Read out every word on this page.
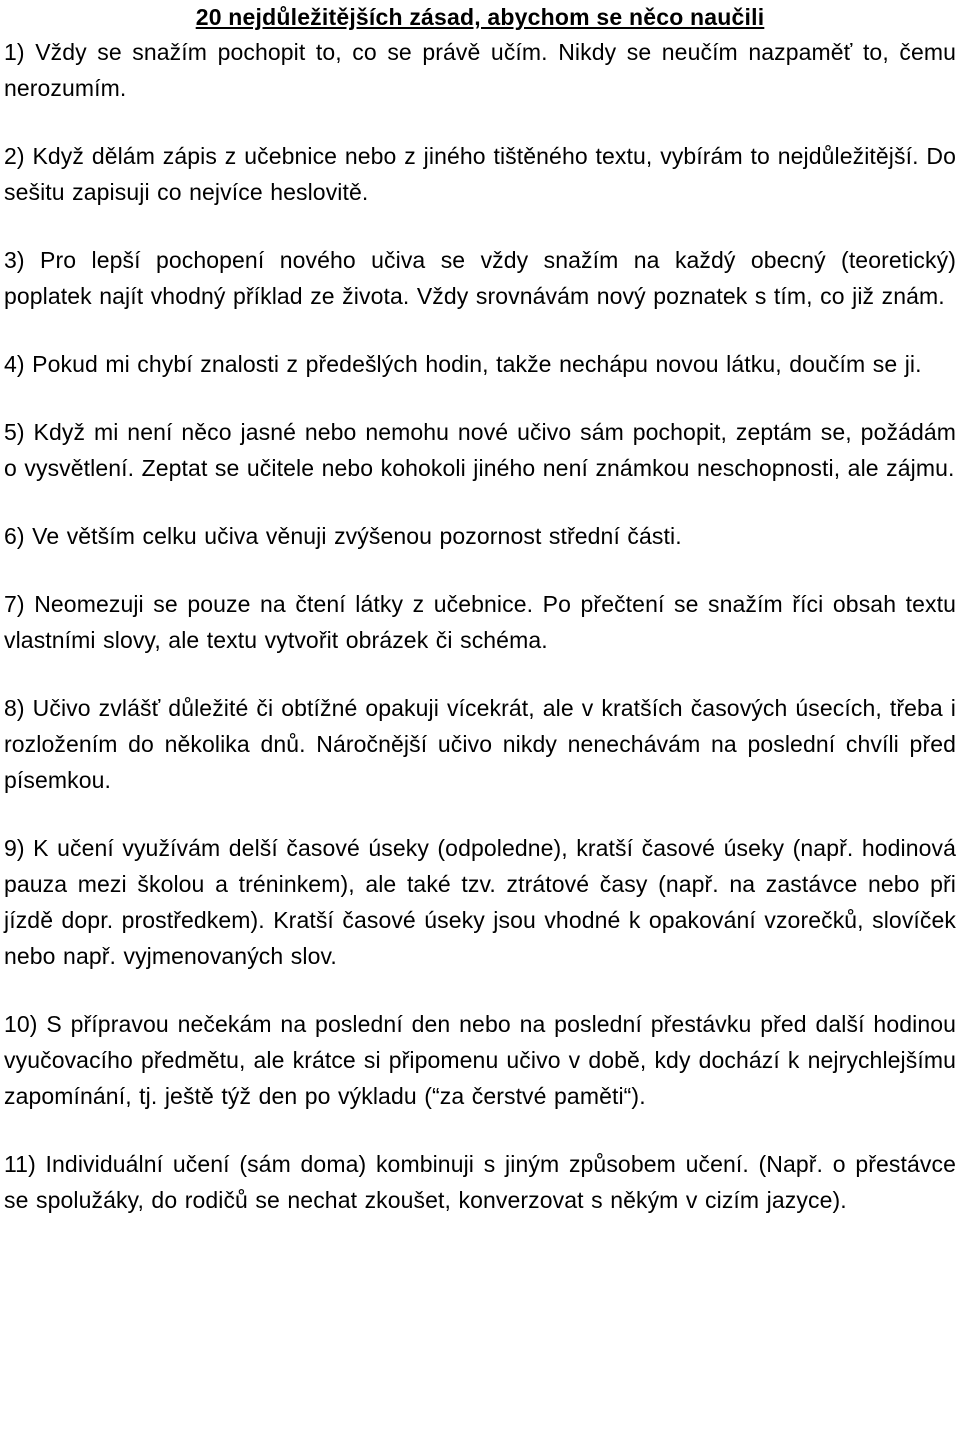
20 nejdůležitějších zásad, abychom se něco naučili

1) Vždy se snažím pochopit to, co se právě učím. Nikdy se neučím nazpaměť to, čemu nerozumím.

2) Když dělám zápis z učebnice nebo z jiného tištěného textu, vybírám to nejdůležitější. Do sešitu zapisuji co nejvíce heslovitě.

3) Pro lepší pochopení nového učiva se vždy snažím na každý obecný (teoretický) poplatek najít vhodný příklad ze života. Vždy srovnávám nový poznatek s tím, co již znám.

4) Pokud mi chybí znalosti z předešlých hodin, takže nechápu novou látku, doučím se ji.

5) Když mi není něco jasné nebo nemohu nové učivo sám pochopit, zeptám se, požádám o vysvětlení. Zeptat se učitele nebo kohokoli jiného není známkou neschopnosti, ale zájmu.

6) Ve větším celku učiva věnuji zvýšenou pozornost střední části.

7) Neomezuji se pouze na čtení látky z učebnice. Po přečtení se snažím říci obsah textu vlastními slovy, ale textu vytvořit obrázek či schéma.

8) Učivo zvlášť důležité či obtížné opakuji vícekrát, ale v kratších časových úsecích, třeba i rozložením do několika dnů. Náročnější učivo nikdy nenechávám na poslední chvíli před písemkou.

9) K učení využívám delší časové úseky (odpoledne), kratší časové úseky (např. hodinová pauza mezi školou a tréninkem), ale také tzv. ztrátové časy (např. na zastávce nebo při jízdě dopr. prostředkem). Kratší časové úseky jsou vhodné k opakování vzorečků, slovíček nebo např. vyjmenovaných slov.

10) S přípravou nečekám na poslední den nebo na poslední přestávku před další hodinou vyučovacího předmětu, ale krátce si připomenu učivo v době, kdy dochází k nejrychlejšímu zapomínání, tj. ještě týž den po výkladu (“za čerstvé paměti“).

11) Individuální učení (sám doma) kombinuji s jiným způsobem učení. (Např. o přestávce se spolužáky, do rodičů se nechat zkoušet, konverzovat s někým v cizím jazyce).
